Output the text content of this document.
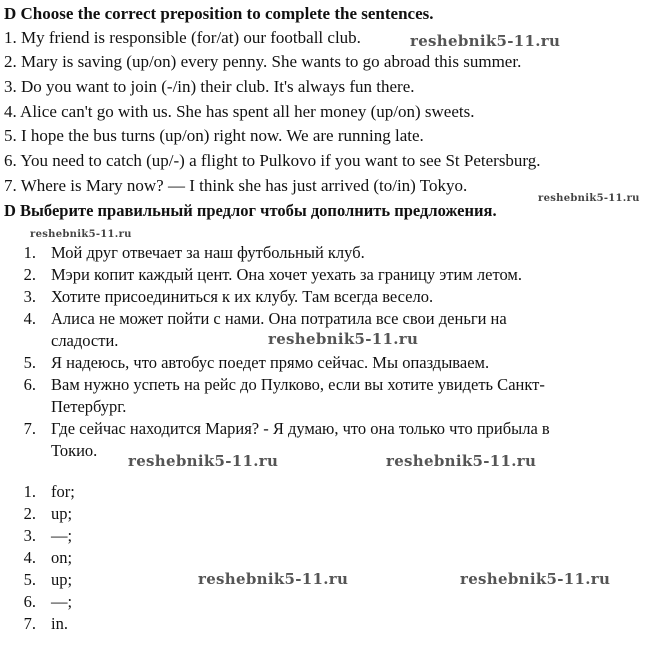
D Choose the correct preposition to complete the sentences.
1. My friend is responsible (for/at) our football club.
2. Mary is saving (up/on) every penny. She wants to go abroad this summer.
3. Do you want to join (-/in) their club. It's always fun there.
4. Alice can't go with us. She has spent all her money (up/on) sweets.
5. I hope the bus turns (up/on) right now. We are running late.
6. You need to catch (up/-) a flight to Pulkovo if you want to see St Petersburg.
7. Where is Mary now? — I think she has just arrived (to/in) Tokyo.
D Выберите правильный предлог чтобы дополнить предложения.
1. Мой друг отвечает за наш футбольный клуб.
2. Мэри копит каждый цент. Она хочет уехать за границу этим летом.
3. Хотите присоединиться к их клубу. Там всегда весело.
4. Алиса не может пойти с нами. Она потратила все свои деньги на
сладости.
5. Я надеюсь, что автобус поедет прямо сейчас. Мы опаздываем.
6. Вам нужно успеть на рейс до Пулково, если вы хотите увидеть Санкт-
Петербург.
7. Где сейчас находится Мария? - Я думаю, что она только что прибыла в
Токио.
1. for;
2. up;
3. —;
4. on;
5. up;
6. —;
7. in.
reshebnik5-11.ru
reshebnik5-11.ru
reshebnik5-11.ru
reshebnik5-11.ru
reshebnik5-11.ru	reshebnik5-11.ru
reshebnik5-11.ru	reshebnik5-11.ru
